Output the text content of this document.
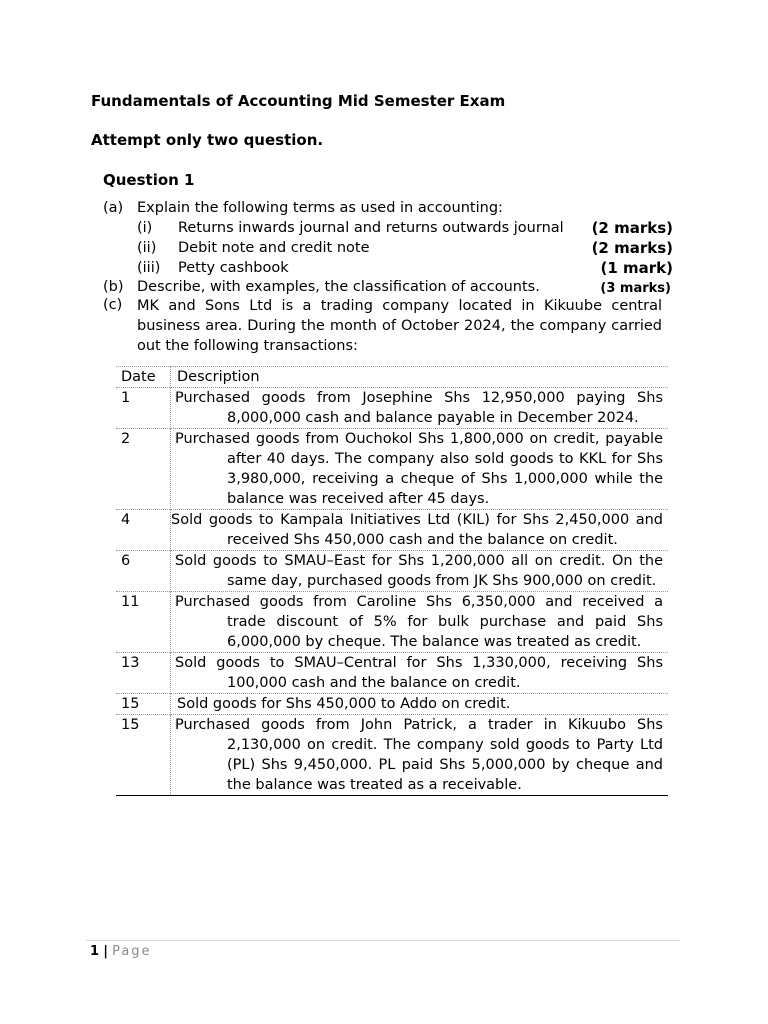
Fundamentals of Accounting Mid Semester Exam
Attempt only two question.
Question 1
(a) Explain the following terms as used in accounting:
(i) Returns inwards journal and returns outwards journal (2 marks)
(ii) Debit note and credit note	(2 marks)
(iii) Petty cashbook	(1 mark)
(b) Describe, with examples, the classification of accounts.	(3 marks)
(c) MK and Sons Ltd is a trading company located in Kikuube central business area. During the month of October 2024, the company carried out the following transactions:
Date	Description
1	Purchased goods from Josephine Shs 12,950,000 paying Shs 8,000,000 cash and balance payable in December 2024.
2	Purchased goods from Ouchokol Shs 1,800,000 on credit, payable after 40 days. The company also sold goods to KKL for Shs 3,980,000, receiving a cheque of Shs 1,000,000 while the balance was received after 45 days.
4	Sold goods to Kampala Initiatives Ltd (KIL) for Shs 2,450,000 and received Shs 450,000 cash and the balance on credit.
6	Sold goods to SMAU–East for Shs 1,200,000 all on credit. On the same day, purchased goods from JK Shs 900,000 on credit.
11	Purchased goods from Caroline Shs 6,350,000 and received a trade discount of 5% for bulk purchase and paid Shs 6,000,000 by cheque. The balance was treated as credit.
13	Sold goods to SMAU–Central for Shs 1,330,000, receiving Shs 100,000 cash and the balance on credit.
15	Sold goods for Shs 450,000 to Addo on credit.
15	Purchased goods from John Patrick, a trader in Kikuubo Shs 2,130,000 on credit. The company sold goods to Party Ltd (PL) Shs 9,450,000. PL paid Shs 5,000,000 by cheque and the balance was treated as a receivable.
1 | Page
